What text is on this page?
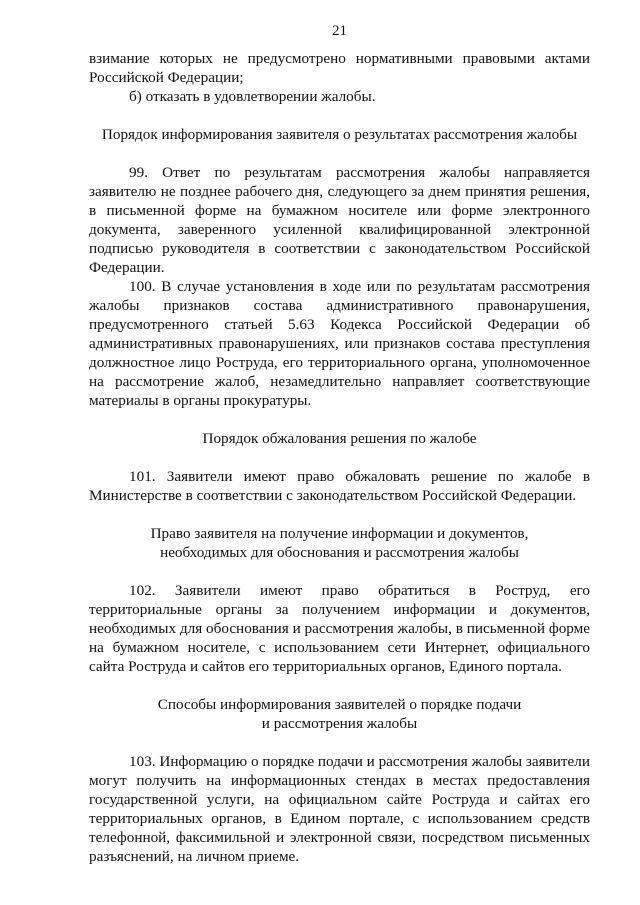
21

взимание которых не предусмотрено нормативными правовыми актами Российской Федерации;

б) отказать в удовлетворении жалобы.

Порядок информирования заявителя о результатах рассмотрения жалобы

99. Ответ по результатам рассмотрения жалобы направляется заявителю не позднее рабочего дня, следующего за днем принятия решения, в письменной форме на бумажном носителе или форме электронного документа, заверенного усиленной квалифицированной электронной подписью руководителя в соответствии с законодательством Российской Федерации.

100. В случае установления в ходе или по результатам рассмотрения жалобы признаков состава административного правонарушения, предусмотренного статьей 5.63 Кодекса Российской Федерации об административных правонарушениях, или признаков состава преступления должностное лицо Роструда, его территориального органа, уполномоченное на рассмотрение жалоб, незамедлительно направляет соответствующие материалы в органы прокуратуры.

Порядок обжалования решения по жалобе

101. Заявители имеют право обжаловать решение по жалобе в Министерстве в соответствии с законодательством Российской Федерации.

Право заявителя на получение информации и документов,

необходимых для обоснования и рассмотрения жалобы

102. Заявители имеют право обратиться в Роструд, его территориальные органы за получением информации и документов, необходимых для обоснования и рассмотрения жалобы, в письменной форме на бумажном носителе, с использованием сети Интернет, официального сайта Роструда и сайтов его территориальных органов, Единого портала.

Способы информирования заявителей о порядке подачи

и рассмотрения жалобы

103. Информацию о порядке подачи и рассмотрения жалобы заявители могут получить на информационных стендах в местах предоставления государственной услуги, на официальном сайте Роструда и сайтах его территориальных органов, в Едином портале, с использованием средств телефонной, факсимильной и электронной связи, посредством письменных разъяснений, на личном приеме.
